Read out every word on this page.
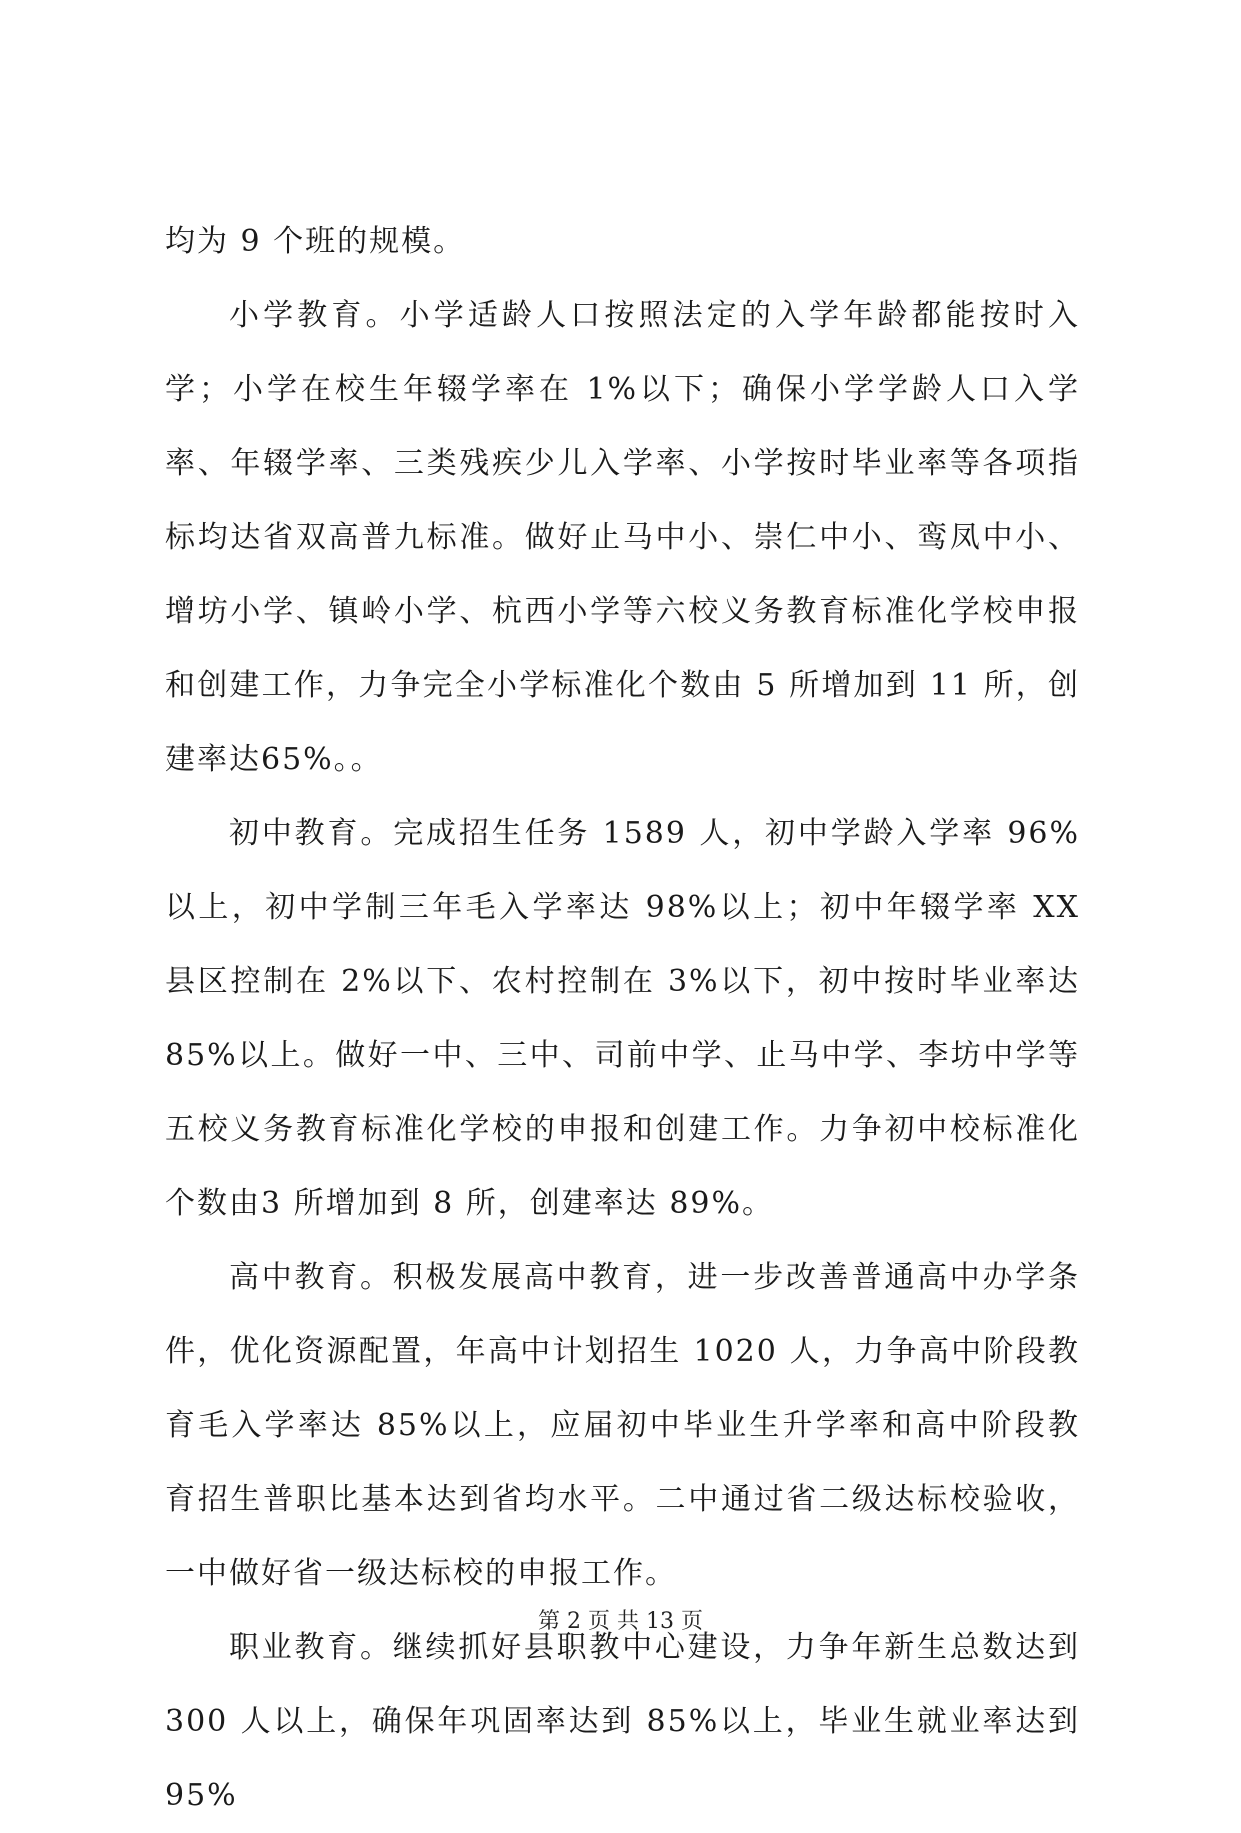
均为 9 个班的规模。

小学教育。小学适龄人口按照法定的入学年龄都能按时入学；小学在校生年辍学率在 1%以下；确保小学学龄人口入学率、年辍学率、三类残疾少儿入学率、小学按时毕业率等各项指标均达省双高普九标准。做好止马中小、崇仁中小、鸾凤中小、增坊小学、镇岭小学、杭西小学等六校义务教育标准化学校申报和创建工作，力争完全小学标准化个数由 5 所增加到 11 所，创建率达65%。。

初中教育。完成招生任务 1589 人，初中学龄入学率 96%以上，初中学制三年毛入学率达 98%以上；初中年辍学率 XX 县区控制在 2%以下、农村控制在 3%以下，初中按时毕业率达 85%以上。做好一中、三中、司前中学、止马中学、李坊中学等五校义务教育标准化学校的申报和创建工作。力争初中校标准化个数由3 所增加到 8 所，创建率达 89%。

高中教育。积极发展高中教育，进一步改善普通高中办学条件，优化资源配置，年高中计划招生 1020 人，力争高中阶段教育毛入学率达 85%以上，应届初中毕业生升学率和高中阶段教育招生普职比基本达到省均水平。二中通过省二级达标校验收，一中做好省一级达标校的申报工作。

职业教育。继续抓好县职教中心建设，力争年新生总数达到300 人以上，确保年巩固率达到 85%以上，毕业生就业率达到 95%

第 2 页 共 13 页
